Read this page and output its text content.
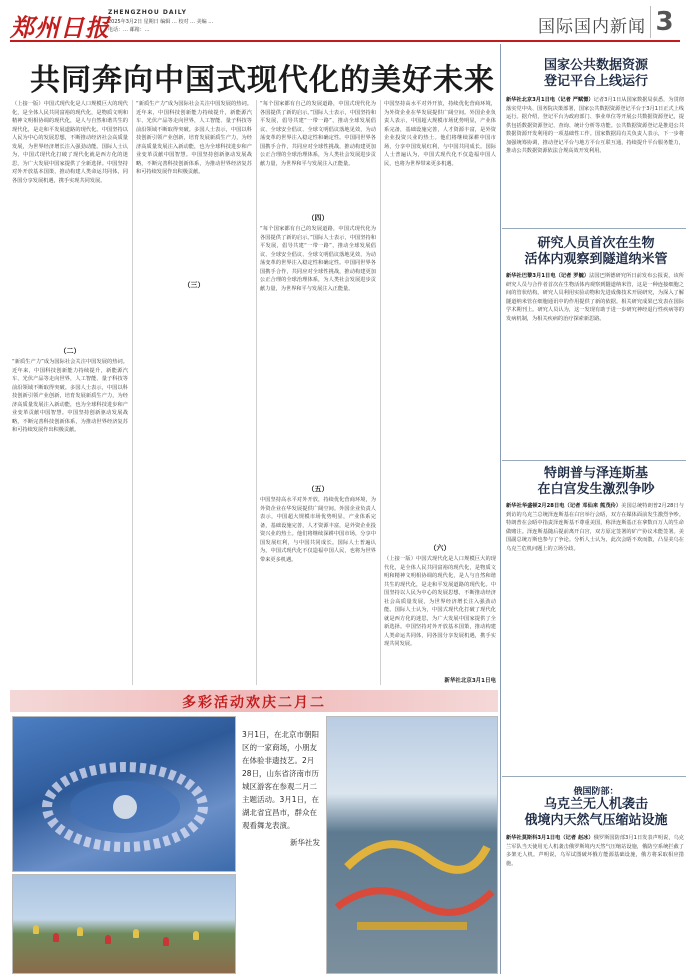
郑州日报
ZHENGZHOU DAILY
2025年3月2日 星期日 编辑 … 校对 … 美编 …
电话：… 邮箱：…	国际国内新闻 3
共同奔向中国式现代化的美好未来
（上接一版）中国式现代化是人口规模巨大的现代化，是全体人民共同富裕的现代化，是物质文明和精神文明相协调的现代化，是人与自然和谐共生的现代化，是走和平发展道路的现代化。中国坚持以人民为中心的发展思想，不断推动经济社会高质量发展，为世界经济增长注入强劲动能。国际人士认为，中国式现代化打破了现代化就是西方化的迷思，为广大发展中国家提供了全新选择。中国坚持对外开放基本国策，推动构建人类命运共同体，同各国分享发展机遇，携手实现共同发展。
（二）
“新质生产力”成为国际社会关注中国发展的热词。近年来，中国科技创新能力持续提升，新能源汽车、光伏产品等走向世界，人工智能、量子科技等前沿领域不断取得突破。多国人士表示，中国以科技创新引领产业创新，培育发展新质生产力，为经济高质量发展注入新动能，也为全球科技进步和产业变革贡献中国智慧。中国坚持创新驱动发展战略，不断完善科技创新体系，为推动世界经济复苏和可持续发展作出积极贡献。
“新质生产力”成为国际社会关注中国发展的热词。近年来，中国科技创新能力持续提升，新能源汽车、光伏产品等走向世界，人工智能、量子科技等前沿领域不断取得突破。多国人士表示，中国以科技创新引领产业创新，培育发展新质生产力，为经济高质量发展注入新动能，也为全球科技进步和产业变革贡献中国智慧。中国坚持创新驱动发展战略，不断完善科技创新体系，为推动世界经济复苏和可持续发展作出积极贡献。
（三）
“每个国家都有自己的发展道路，中国式现代化为各国提供了新的启示。”国际人士表示，中国坚持和平发展，倡导共建“一带一路”，推动全球发展倡议、全球安全倡议、全球文明倡议落地见效，为动荡变革的世界注入稳定性和确定性。中国同世界各国携手合作，共同应对全球性挑战，推动构建更加公正合理的全球治理体系，为人类社会发展进步贡献力量，为世界和平与发展注入正能量。
（四）
“每个国家都有自己的发展道路，中国式现代化为各国提供了新的启示。”国际人士表示，中国坚持和平发展，倡导共建“一带一路”，推动全球发展倡议、全球安全倡议、全球文明倡议落地见效，为动荡变革的世界注入稳定性和确定性。中国同世界各国携手合作，共同应对全球性挑战，推动构建更加公正合理的全球治理体系，为人类社会发展进步贡献力量，为世界和平与发展注入正能量。
（五）
中国坚持高水平对外开放，持续优化营商环境，为外资企业在华发展提供广阔空间。外国企业负责人表示，中国超大规模市场优势明显，产业体系完备，基础设施完善，人才资源丰富，是外资企业投资兴业的热土。他们将继续深耕中国市场，分享中国发展红利，与中国共同成长。国际人士普遍认为，中国式现代化不仅造福中国人民，也将为世界带来更多机遇。
中国坚持高水平对外开放，持续优化营商环境，为外资企业在华发展提供广阔空间。外国企业负责人表示，中国超大规模市场优势明显，产业体系完备，基础设施完善，人才资源丰富，是外资企业投资兴业的热土。他们将继续深耕中国市场，分享中国发展红利，与中国共同成长。国际人士普遍认为，中国式现代化不仅造福中国人民，也将为世界带来更多机遇。
（六）
（上接一版）中国式现代化是人口规模巨大的现代化，是全体人民共同富裕的现代化，是物质文明和精神文明相协调的现代化，是人与自然和谐共生的现代化，是走和平发展道路的现代化。中国坚持以人民为中心的发展思想，不断推动经济社会高质量发展，为世界经济增长注入强劲动能。国际人士认为，中国式现代化打破了现代化就是西方化的迷思，为广大发展中国家提供了全新选择。中国坚持对外开放基本国策，推动构建人类命运共同体，同各国分享发展机遇，携手实现共同发展。
新华社北京3月1日电
国家公共数据资源
登记平台上线运行
新华社北京3月1日电（记者 严赋憬）记者3月1日从国家数据局获悉，为贯彻落实党中央、国务院决策部署，国家公共数据资源登记平台于3月1日正式上线运行。据介绍，登记平台为政府部门、事业单位等开展公共数据资源登记，提供包括数据资源登记、查询、统计分析等功能。公共数据资源登记是推进公共数据资源开发利用的一项基础性工作。国家数据局有关负责人表示，下一步将加强统筹协调，推动登记平台与地方平台互联互通，持续提升平台服务能力，推动公共数据资源依法合规高效开发利用。
研究人员首次在生物
活体内观察到隧道纳米管
新华社巴黎3月1日电（记者 罗毓）法国巴斯德研究所日前发布公报说，该所研究人员与合作者首次在生物活体内观察到隧道纳米管，这是一种连接细胞之间的管状结构。研究人员利用实验动物和先进成像技术开展研究，为深入了解隧道纳米管在细胞通讯中的作用提供了新的依据。相关研究成果已发表在国际学术期刊上。研究人员认为，这一发现有助于进一步研究神经退行性疾病等的发病机制，为相关疾病的治疗探索新思路。
特朗普与泽连斯基
在白宫发生激烈争吵
新华社华盛顿2月28日电（记者 邓仙来 熊茂伶）美国总统特朗普2月28日与到访的乌克兰总统泽连斯基在白宫举行会晤，双方在媒体面前发生激烈争吵。特朗普在会晤中指责泽连斯基不尊重美国，称泽连斯基正在拿数百万人的生命做赌注。泽连斯基随后提前离开白宫，双方原定签署的矿产协议未能签署。美国副总统万斯也参与了争论。分析人士认为，此次会晤不欢而散，凸显美乌在乌克兰危机问题上的立场分歧。
俄国防部：
乌克兰无人机袭击
俄境内天然气压缩站设施
新华社莫斯科3月1日电（记者 赵冰）俄罗斯国防部3月1日发表声明说，乌克兰军队当天使用无人机袭击俄罗斯境内天然气压缩站设施，俄防空系统拦截了多架无人机。声明说，乌军试图破坏俄方能源基础设施，俄方将采取相应措施。
多彩活动欢庆二月二
3月1日，在北京市朝阳区的一家商场，小朋友在体验非遗技艺。2月28日，山东省济南市历城区游客在参观二月二主题活动。3月1日，在湖北省宜昌市，群众在观看舞龙表演。
新华社发
